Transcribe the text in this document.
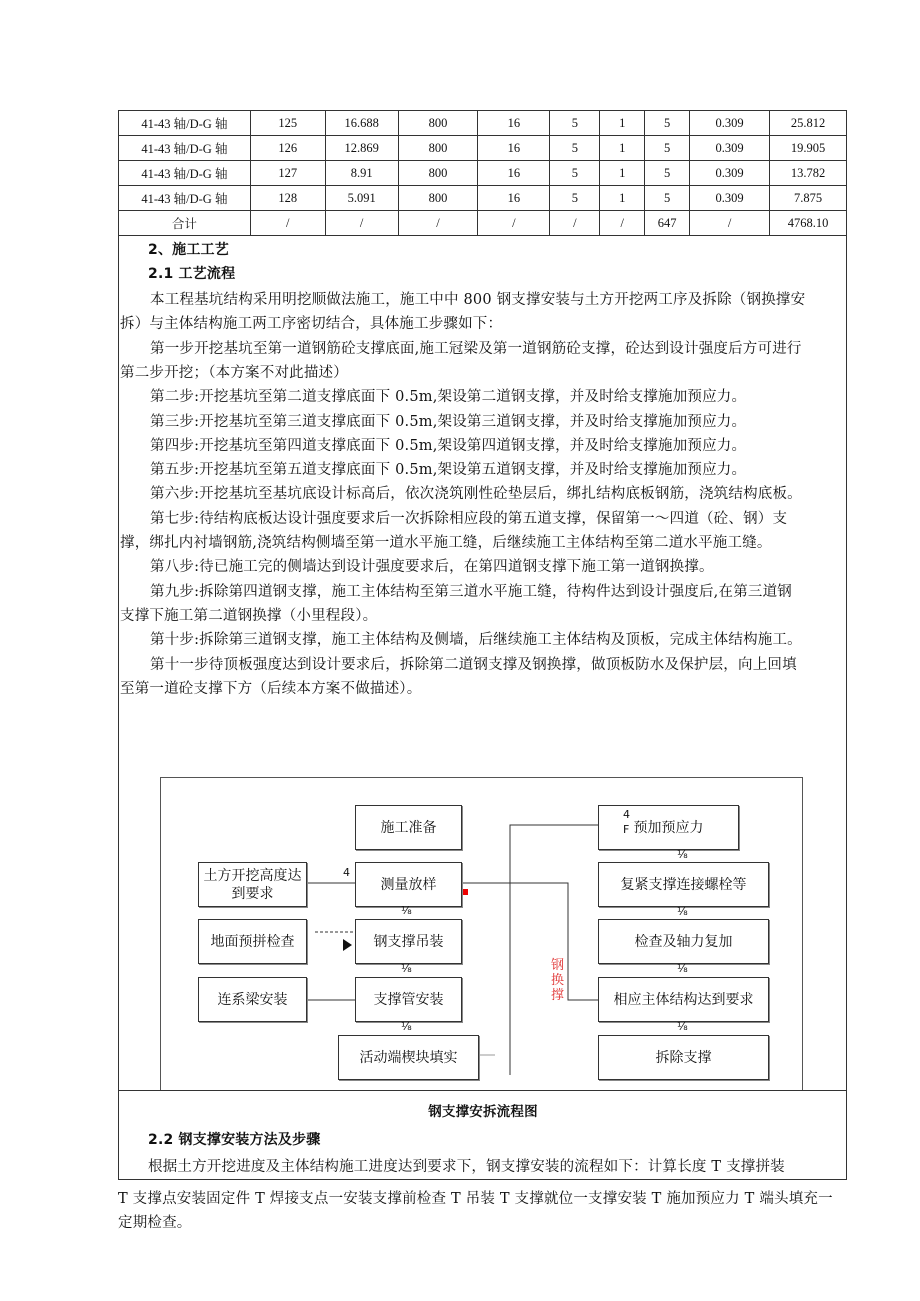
41-43 轴/D-G 轴	125	16.688	800	16	5	1	5	0.309	25.812
41-43 轴/D-G 轴	126	12.869	800	16	5	1	5	0.309	19.905
41-43 轴/D-G 轴	127	8.91	800	16	5	1	5	0.309	13.782
41-43 轴/D-G 轴	128	5.091	800	16	5	1	5	0.309	7.875
合计	/	/	/	/	/	/	647	/	4768.10
2、施工工艺
2.1 工艺流程
本工程基坑结构采用明挖顺做法施工，施工中中 800 钢支撑安装与土方开挖两工序及拆除（钢换撑安
拆）与主体结构施工两工序密切结合，具体施工步骤如下：
第一步开挖基坑至第一道钢筋砼支撑底面,施工冠梁及第一道钢筋砼支撑，砼达到设计强度后方可进行
第二步开挖；（本方案不对此描述）
第二步:开挖基坑至第二道支撑底面下 0.5m,架设第二道钢支撑，并及时给支撑施加预应力。
第三步:开挖基坑至第三道支撑底面下 0.5m,架设第三道钢支撑，并及时给支撑施加预应力。
第四步:开挖基坑至第四道支撑底面下 0.5m,架设第四道钢支撑，并及时给支撑施加预应力。
第五步:开挖基坑至第五道支撑底面下 0.5m,架设第五道钢支撑，并及时给支撑施加预应力。
第六步:开挖基坑至基坑底设计标高后，依次浇筑刚性砼垫层后，绑扎结构底板钢筋，浇筑结构底板。
第七步:待结构底板达设计强度要求后一次拆除相应段的第五道支撑，保留第一～四道（砼、钢）支
撑，绑扎内衬墙钢筋,浇筑结构侧墙至第一道水平施工缝，后继续施工主体结构至第二道水平施工缝。
第八步:待已施工完的侧墙达到设计强度要求后，在第四道钢支撑下施工第一道钢换撑。
第九步:拆除第四道钢支撑，施工主体结构至第三道水平施工缝，待构件达到设计强度后,在第三道钢
支撑下施工第二道钢换撑（小里程段）。
第十步:拆除第三道钢支撑，施工主体结构及侧墙，后继续施工主体结构及顶板，完成主体结构施工。
第十一步待顶板强度达到设计要求后，拆除第二道钢支撑及钢换撑，做顶板防水及保护层，向上回填
至第一道砼支撑下方（后续本方案不做描述）。
施工准备
测量放样
钢支撑吊装
支撑管安装
活动端楔块填实
土方开挖高度达到要求
地面预拼检查
连系梁安装
预加预应力
复紧支撑连接螺栓等
检查及轴力复加
相应主体结构达到要求
拆除支撑
钢换撑
4
4
F
⅛
⅛
⅛
⅛
⅛
⅛
⅛
钢支撑安拆流程图
2.2 钢支撑安装方法及步骤
根据土方开挖进度及主体结构施工进度达到要求下，钢支撑安装的流程如下：计算长度 T 支撑拼装
T 支撑点安装固定件 T 焊接支点一安装支撑前检查 T 吊装 T 支撑就位一支撑安装 T 施加预应力 T 端头填充一
定期检查。
